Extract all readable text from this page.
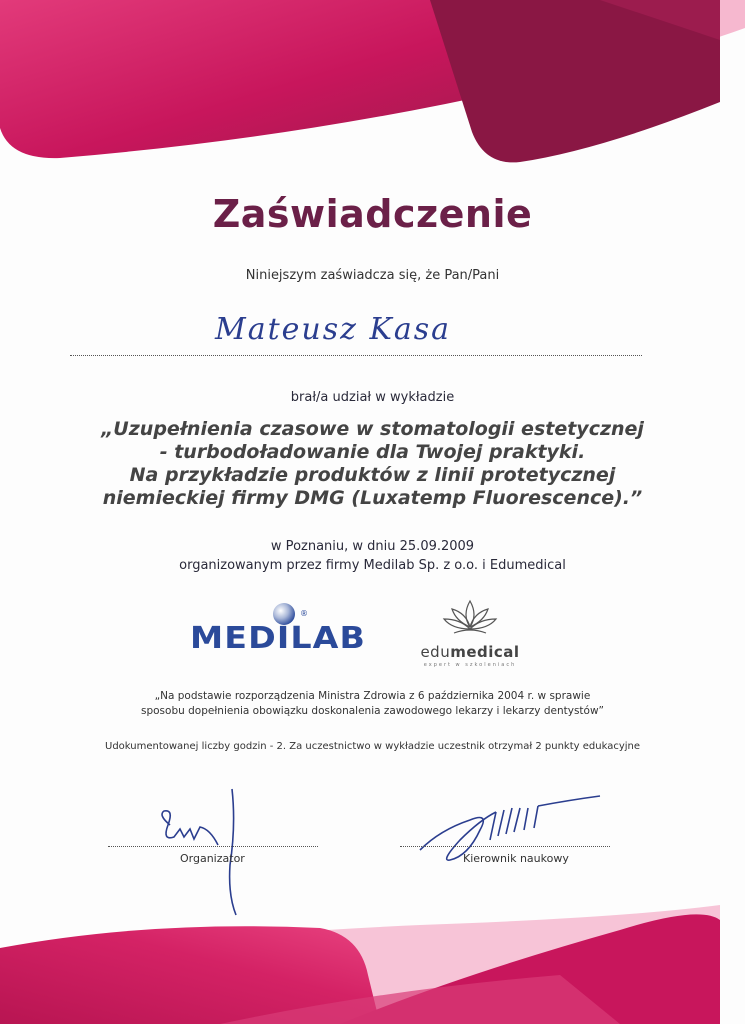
Zaświadczenie
Niniejszym zaświadcza się, że Pan/Pani
Mateusz Kasa
brał/a udział w wykładzie
„Uzupełnienia czasowe w stomatologii estetycznej
- turbodoładowanie dla Twojej praktyki.
Na przykładzie produktów z linii protetycznej
niemieckiej firmy DMG (Luxatemp Fluorescence).”
w Poznaniu, w dniu 25.09.2009
organizowanym przez firmy Medilab Sp. z o.o. i Edumedical
®
MEDILAB	edumedical
expert w szkoleniach
„Na podstawie rozporządzenia Ministra Zdrowia z 6 października 2004 r. w sprawie
sposobu dopełnienia obowiązku doskonalenia zawodowego lekarzy i lekarzy dentystów”
Udokumentowanej liczby godzin - 2. Za uczestnictwo w wykładzie uczestnik otrzymał 2 punkty edukacyjne
Organizator	Kierownik naukowy
